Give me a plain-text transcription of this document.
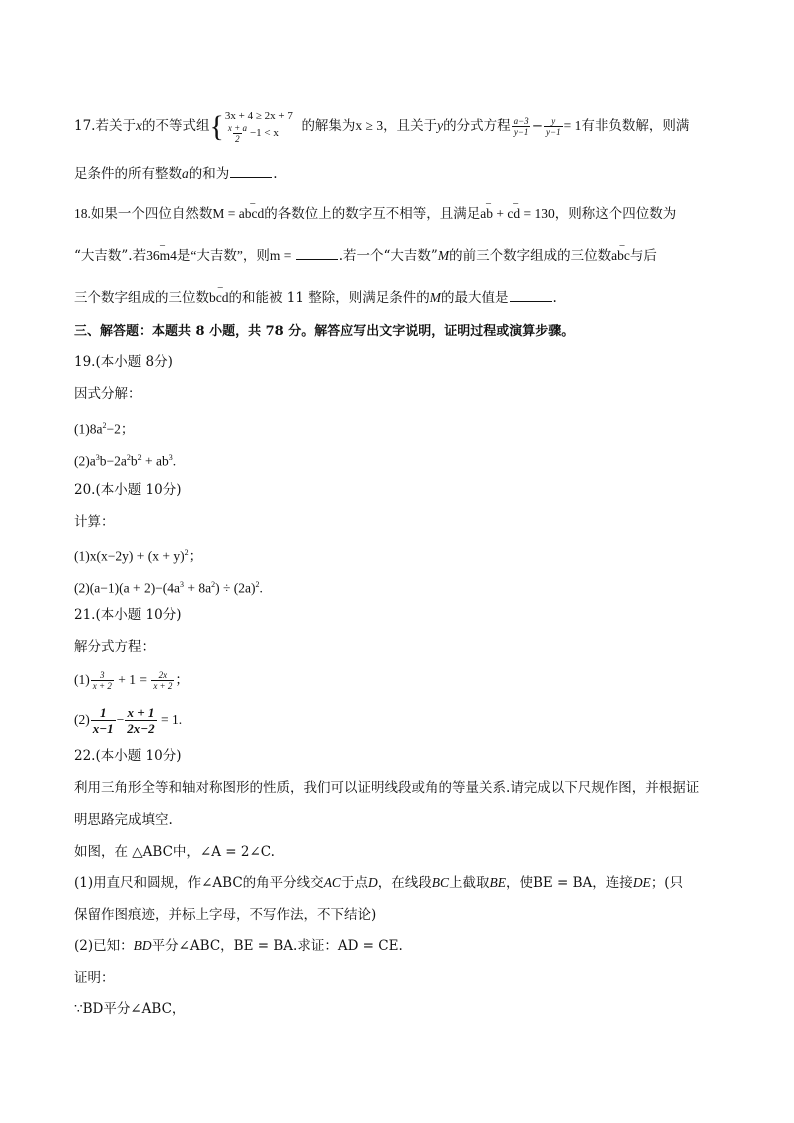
17.若关于x的不等式组 { 3x + 4 ≥ 2x + 7
$\frac{x + a}{2} -1 < x$	的解集为x ≥ 3，且关于y的分式方程 $\frac{a-3}{y-1} - \frac{y}{y-1} = 1$有非负数解，则满
足条件的所有整数a的和为	.
18.如果一个四位自然数M = _ abcd的各数位上的数字互不相等，且满足_ ab + _ cd = 130，则称这个四位数为
“大吉数”.若_ 36m4是“大吉数”，则m =	.若一个“大吉数”M的前三个数字组成的三位数_ abc与后
三个数字组成的三位数_ bcd的和能被 11 整除，则满足条件的M的最大值是	.
三、解答题：本题共 8 小题，共 78 分。解答应写出文字说明，证明过程或演算步骤。
19.(本小题 8分)
因式分解：
$(1)8a^2-2$；
$(2)a^3b-2a^2b^2 + ab^3$.
20.(本小题 10分)
计算：
$(1)x(x-2y) + (x + y)^2$；
$(2)(a-1)(a + 2)-(4a^3 + 8a^2) \div (2a)^2$.
21.(本小题 10分)
解分式方程：
$(1) \frac{3}{x + 2} + 1 = \frac{2x}{x + 2}$ ；
$(2) \frac{1}{x-1} - \frac{x + 1}{2x-2} = 1$.
22.(本小题 10分)
利用三角形全等和轴对称图形的性质，我们可以证明线段或角的等量关系.请完成以下尺规作图，并根据证
明思路完成填空.
如图，在 △ABC中，∠A = 2∠C.
(1)用直尺和圆规，作∠ABC的角平分线交AC于点D，在线段BC上截取BE，使BE = BA，连接DE；(只
保留作图痕迹，并标上字母，不写作法，不下结论)
(2)已知：BD平分∠ABC，BE = BA.求证：AD = CE.
证明：
∵BD平分∠ABC，
